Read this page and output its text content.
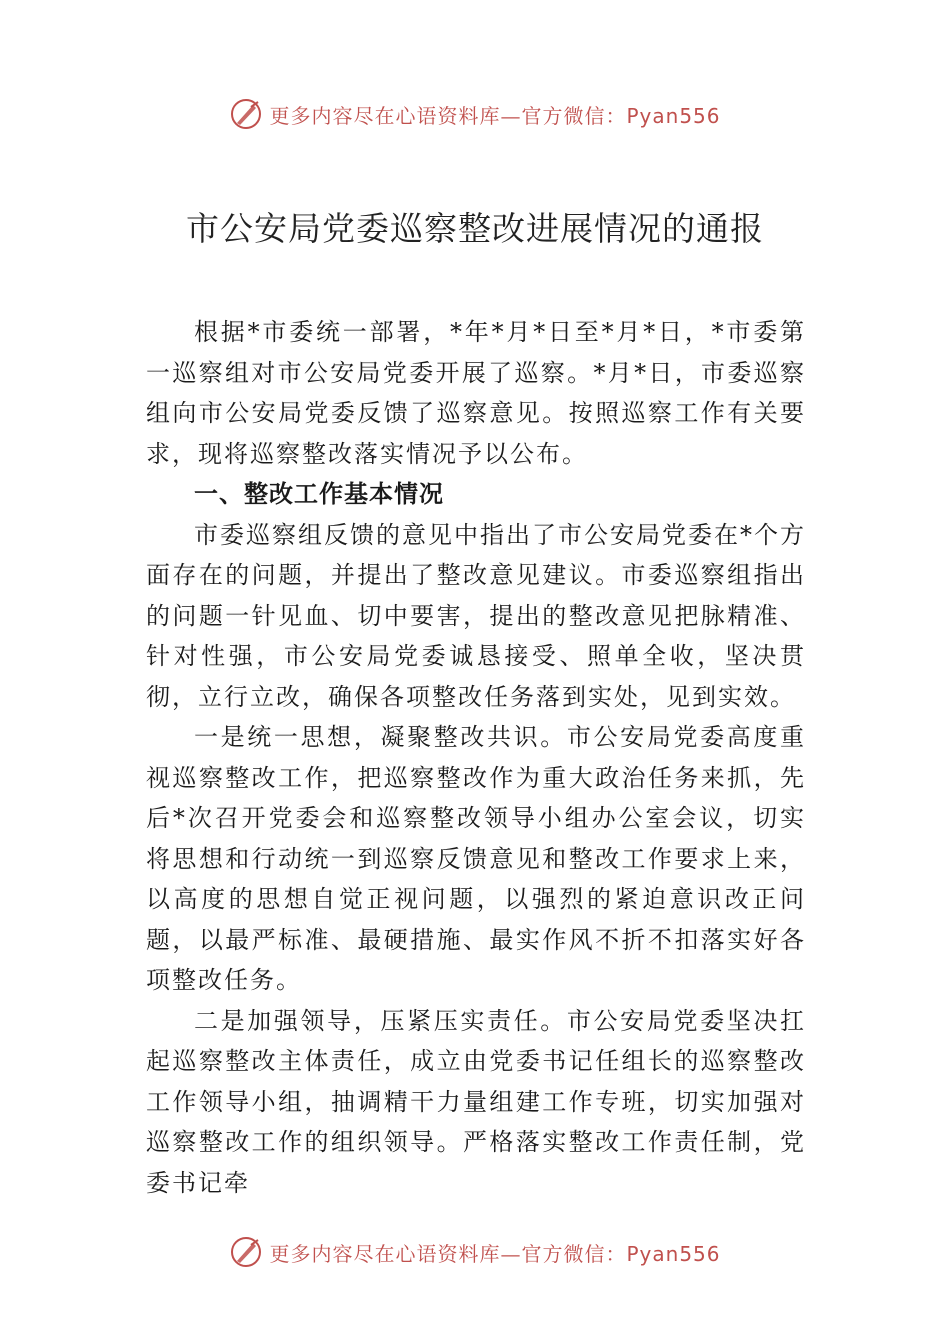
更多内容尽在心语资料库—官方微信：Pyan556
市公安局党委巡察整改进展情况的通报

根据*市委统一部署，*年*月*日至*月*日，*市委第一巡察组对市公安局党委开展了巡察。*月*日，市委巡察组向市公安局党委反馈了巡察意见。按照巡察工作有关要求，现将巡察整改落实情况予以公布。

一、整改工作基本情况

市委巡察组反馈的意见中指出了市公安局党委在*个方面存在的问题，并提出了整改意见建议。市委巡察组指出的问题一针见血、切中要害，提出的整改意见把脉精准、针对性强，市公安局党委诚恳接受、照单全收，坚决贯彻，立行立改，确保各项整改任务落到实处，见到实效。

一是统一思想，凝聚整改共识。市公安局党委高度重视巡察整改工作，把巡察整改作为重大政治任务来抓，先后*次召开党委会和巡察整改领导小组办公室会议，切实将思想和行动统一到巡察反馈意见和整改工作要求上来，以高度的思想自觉正视问题，以强烈的紧迫意识改正问题，以最严标准、最硬措施、最实作风不折不扣落实好各项整改任务。

二是加强领导，压紧压实责任。市公安局党委坚决扛起巡察整改主体责任，成立由党委书记任组长的巡察整改工作领导小组，抽调精干力量组建工作专班，切实加强对巡察整改工作的组织领导。严格落实整改工作责任制，党委书记牵

更多内容尽在心语资料库—官方微信：Pyan556
